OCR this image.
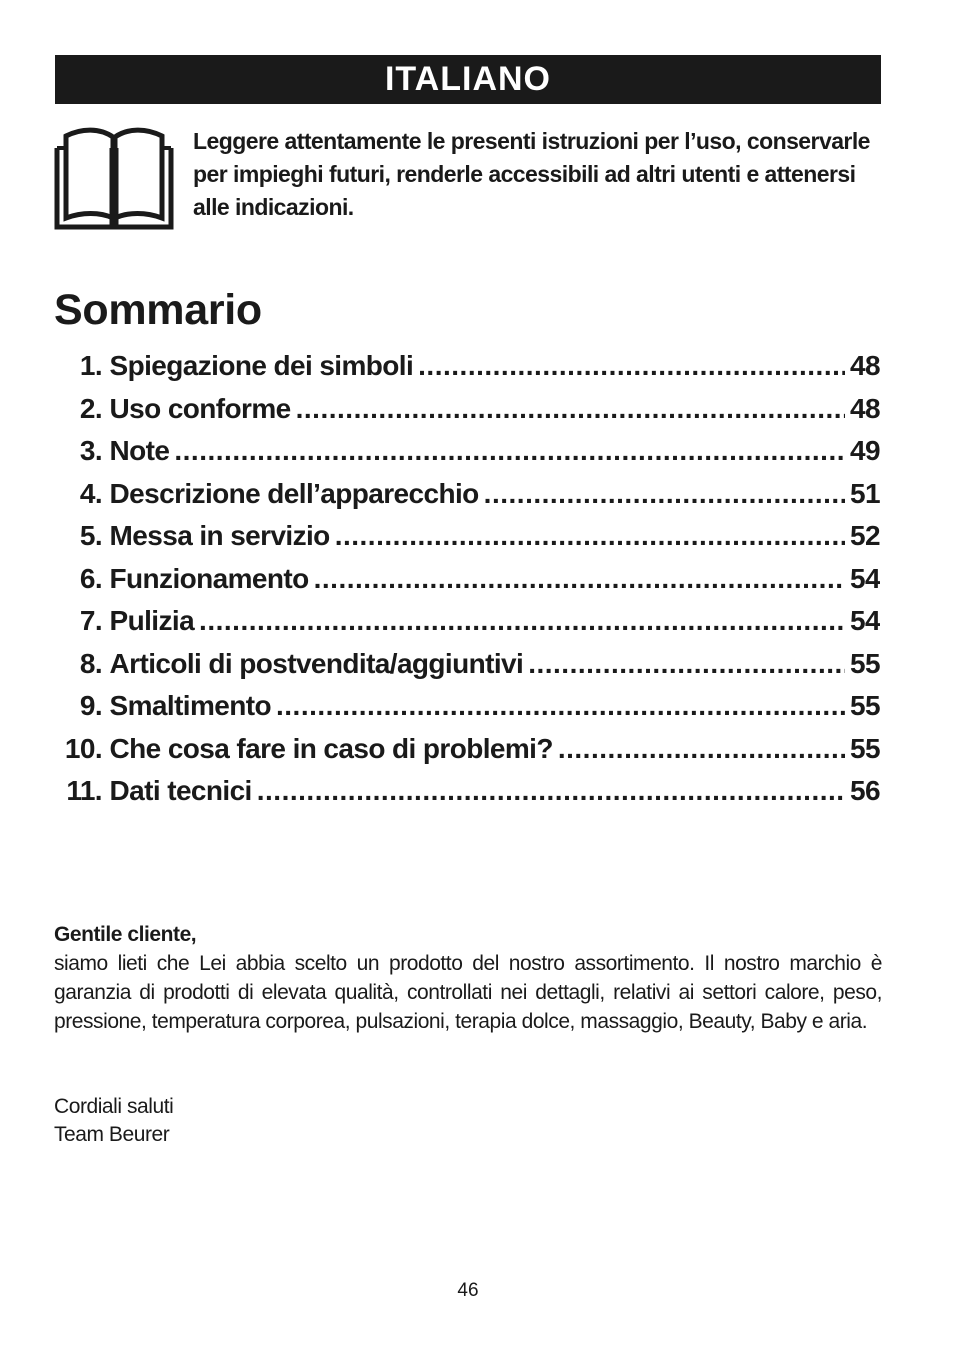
ITALIANO

Leggere attentamente le presenti istruzioni per l’uso, conservarle per impieghi futuri, renderle accessibili ad altri utenti e attenersi alle indicazioni.

Sommario
1. Spiegazione dei simboli .....	48
2. Uso conforme .....	48
3. Note .....	49
4. Descrizione dell’apparecchio .....	51
5. Messa in servizio .....	52
6. Funzionamento .....	54
7. Pulizia .....	54
8. Articoli di postvendita/aggiuntivi .....	55
9. Smaltimento .....	55
10. Che cosa fare in caso di problemi? .....	55
11. Dati tecnici .....	56

Gentile cliente,

siamo lieti che Lei abbia scelto un prodotto del nostro assortimento. Il nostro marchio è garanzia di prodotti di elevata qualità, controllati nei dettagli, relativi ai settori calore, peso, pressione, temperatura corporea, pulsazioni, terapia dolce, massaggio, Beauty, Baby e aria.

Cordiali saluti
Team Beurer
46
